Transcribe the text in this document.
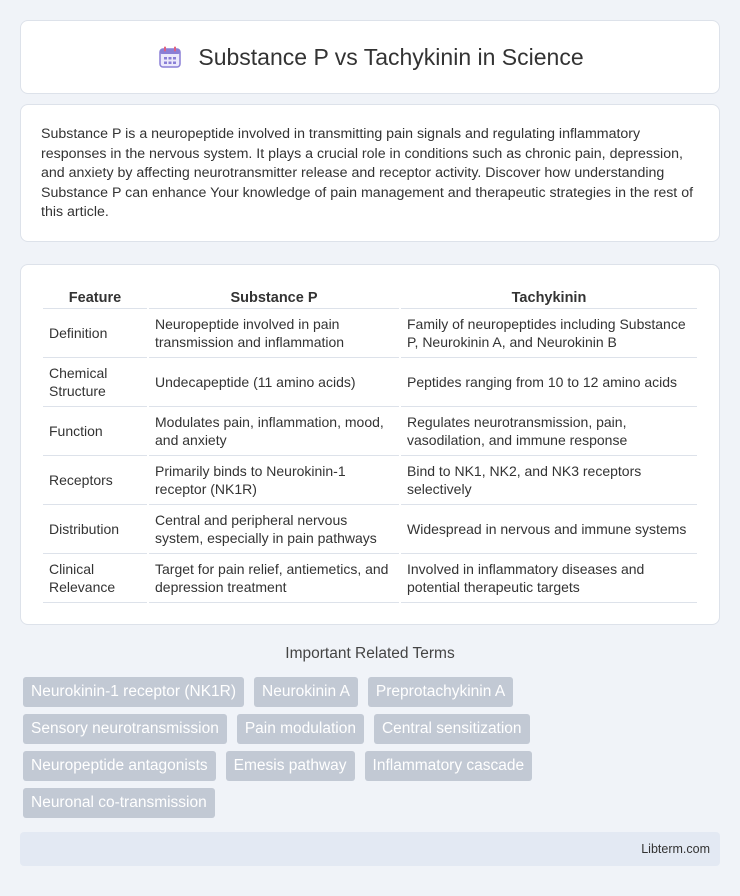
Substance P vs Tachykinin in Science

Substance P is a neuropeptide involved in transmitting pain signals and regulating inflammatory responses in the nervous system. It plays a crucial role in conditions such as chronic pain, depression, and anxiety by affecting neurotransmitter release and receptor activity. Discover how understanding Substance P can enhance Your knowledge of pain management and therapeutic strategies in the rest of this article.

Feature	Substance P	Tachykinin
Definition	Neuropeptide involved in pain transmission and inflammation	Family of neuropeptides including Substance P, Neurokinin A, and Neurokinin B
Chemical Structure	Undecapeptide (11 amino acids)	Peptides ranging from 10 to 12 amino acids
Function	Modulates pain, inflammation, mood, and anxiety	Regulates neurotransmission, pain, vasodilation, and immune response
Receptors	Primarily binds to Neurokinin-1 receptor (NK1R)	Bind to NK1, NK2, and NK3 receptors selectively
Distribution	Central and peripheral nervous system, especially in pain pathways	Widespread in nervous and immune systems
Clinical Relevance	Target for pain relief, antiemetics, and depression treatment	Involved in inflammatory diseases and potential therapeutic targets
Important Related Terms
Neurokinin-1 receptor (NK1R)	Neurokinin A	Preprotachykinin A
Sensory neurotransmission	Pain modulation	Central sensitization
Neuropeptide antagonists	Emesis pathway	Inflammatory cascade
Neuronal co-transmission
Libterm.com
